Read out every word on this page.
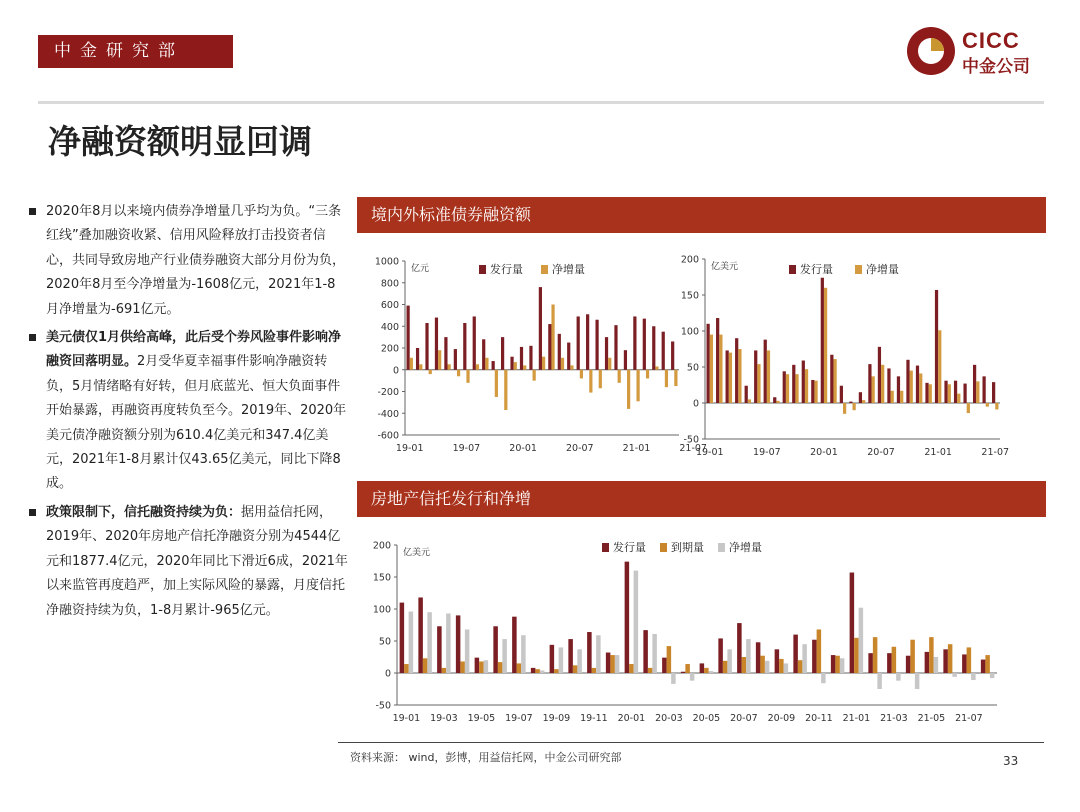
中金研究部	CICC
中金公司
净融资额明显回调
2020年8月以来境内债券净增量几乎均为负。“三条红线”叠加融资收紧、信用风险释放打击投资者信心，共同导致房地产行业债券融资大部分月份为负，2020年8月至今净增量为-1608亿元，2021年1-8月净增量为-691亿元。
美元债仅1月供给高峰，此后受个券风险事件影响净融资回落明显。2月受华夏幸福事件影响净融资转负，5月情绪略有好转，但月底蓝光、恒大负面事件开始暴露，再融资再度转负至今。2019年、2020年美元债净融资额分别为610.4亿美元和347.4亿美元，2021年1-8月累计仅43.65亿美元，同比下降8成。
政策限制下，信托融资持续为负：据用益信托网，2019年、2020年房地产信托净融资分别为4544亿元和1877.4亿元，2020年同比下滑近6成，2021年以来监管再度趋严，加上实际风险的暴露，月度信托净融资持续为负，1-8月累计-965亿元。
境内外标准债券融资额
房地产信托发行和净增
1000
800
600
400
200
0
-200
-400
-600
亿元
19-01	19-07	20-01	20-07	21-01	21-07
发行量	净增量
200
150
100
50
0
-50
亿美元
19-01	19-07	20-01	20-07	21-01	21-07
发行量	净增量
200
150
100
50
0
-50
亿美元
19-01 19-03 19-05 19-07 19-09 19-11 20-01 20-03 20-05 20-07 20-09 20-11 21-01 21-03 21-05 21-07
发行量 到期量 净增量
资料来源： wind，彭博，用益信托网，中金公司研究部	33
